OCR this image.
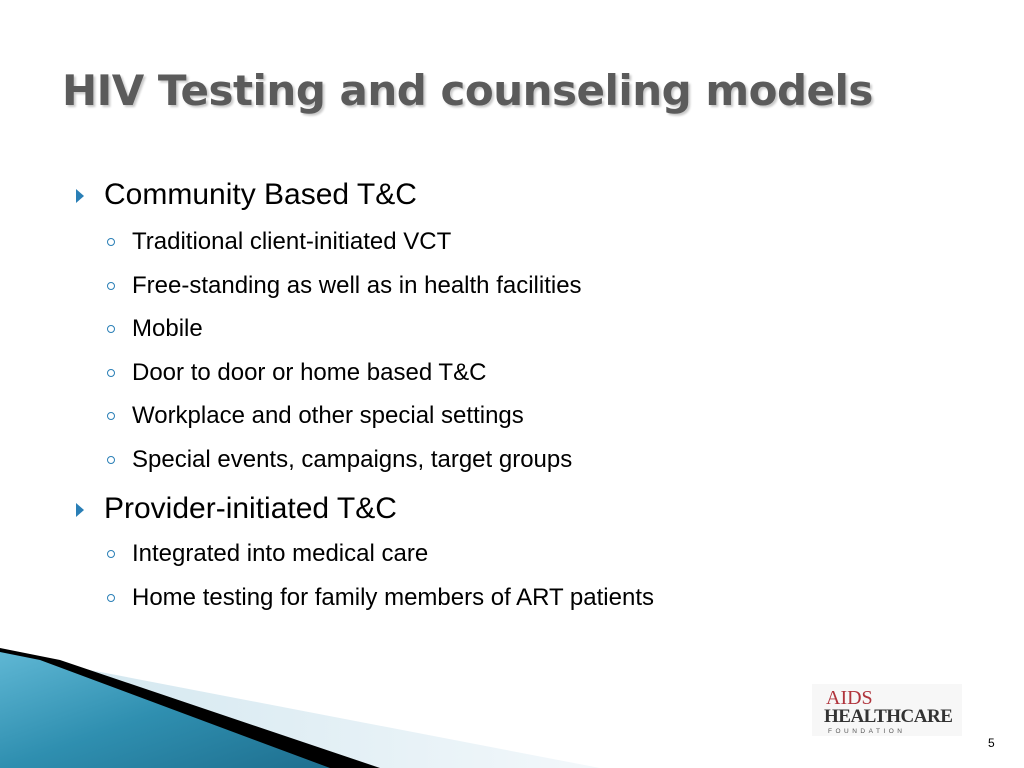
HIV Testing and counseling models
Community Based T&C
Traditional client-initiated VCT
Free-standing as well as in health facilities
Mobile
Door to door or home based T&C
Workplace and other special settings
Special events, campaigns, target groups
Provider-initiated T&C
Integrated into medical care
Home testing for family members of ART patients
AIDS
HEALTHCARE
FOUNDATION
5
